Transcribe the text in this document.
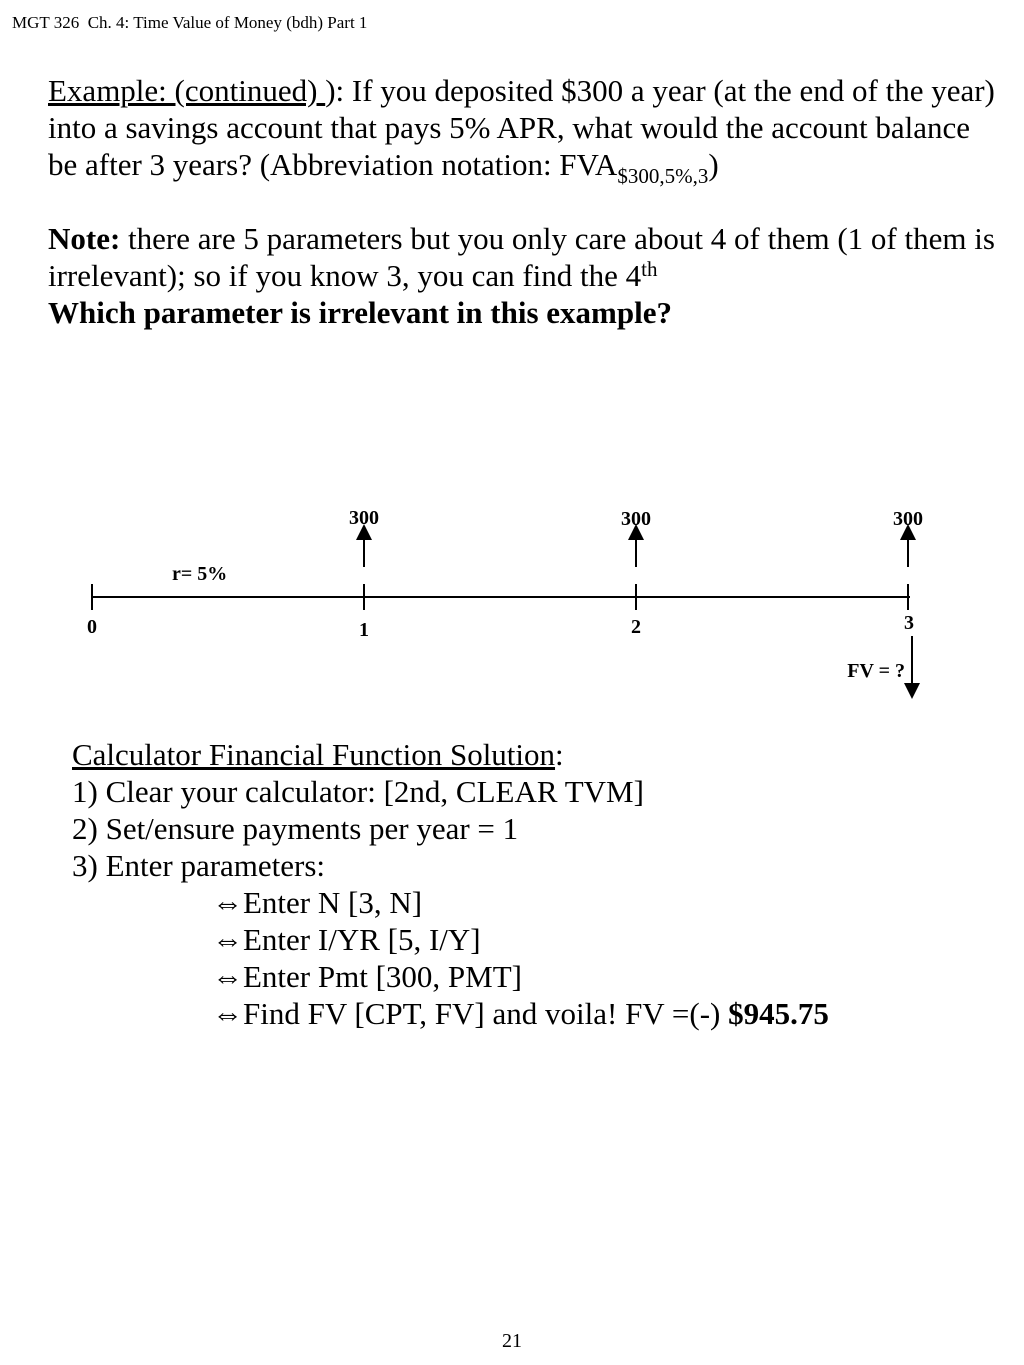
MGT 326  Ch. 4: Time Value of Money (bdh) Part 1

Example: (continued) ): If you deposited $300 a year (at the end of the year) into a savings account that pays 5% APR, what would the account balance be after 3 years? (Abbreviation notation: $FVA_{\$300,5\%,3}$)

Note: there are 5 parameters but you only care about 4 of them (1 of them is irrelevant); so if you know 3, you can find the 4th

Which parameter is irrelevant in this example?

300	300	300
r= 5%
0	1	2	3
FV = ?
Calculator Financial Function Solution:
1) Clear your calculator: [2nd, CLEAR TVM]
2) Set/ensure payments per year = 1
3) Enter parameters:
⇔Enter N [3, N]
⇔Enter I/YR [5, I/Y]
⇔Enter Pmt [300, PMT]
⇔Find FV [CPT, FV] and voila! FV =(-) $945.75
21
